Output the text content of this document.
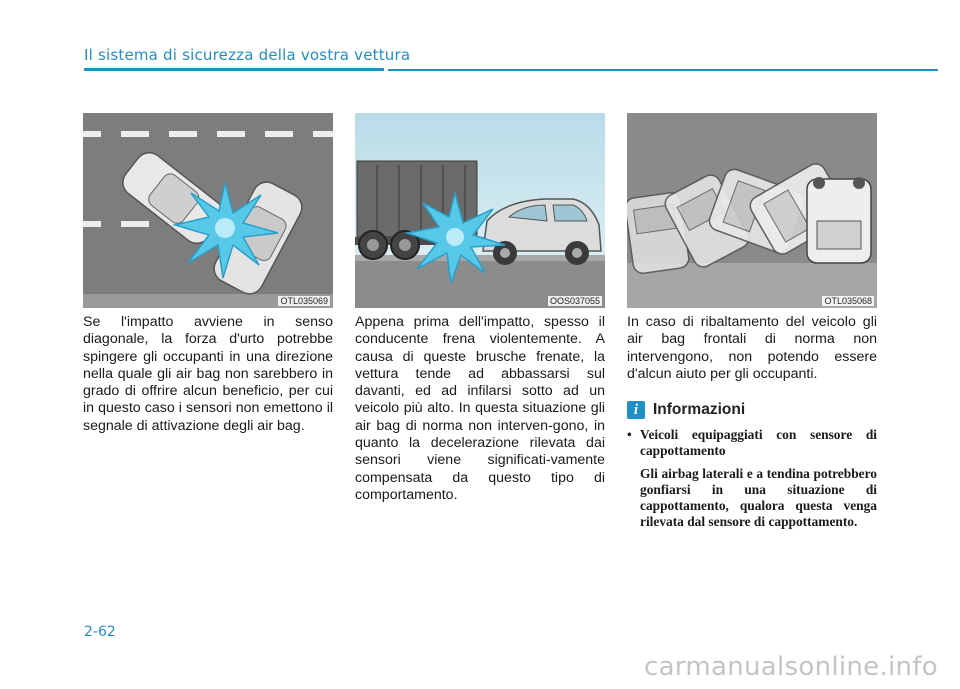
Il sistema di sicurezza della vostra vettura
OTL035069	OOS037055	OTL035068
Se l'impatto avviene in senso diagonale, la forza d'urto potrebbe spingere gli occupanti in una direzione nella quale gli air bag non sarebbero in grado di offrire alcun beneficio, per cui in questo caso i sensori non emettono il segnale di attivazione degli air bag.
Appena prima dell'impatto, spesso il conducente frena violentemente. A causa di queste brusche frenate, la vettura tende ad abbassarsi sul davanti, ed ad infilarsi sotto ad un veicolo più alto. In questa situazione gli air bag di norma non interven-gono, in quanto la decelerazione rilevata dai sensori viene significati-vamente compensata da questo tipo di comportamento.
In caso di ribaltamento del veicolo gli air bag frontali di norma non intervengono, non potendo essere d'alcun aiuto per gli occupanti.
i Informazioni
• Veicoli equipaggiati con sensore di cappottamento
Gli airbag laterali e a tendina potrebbero gonfiarsi in una situazione di cappottamento, qualora questa venga rilevata dal sensore di cappottamento.
2-62
carmanualsonline.info
